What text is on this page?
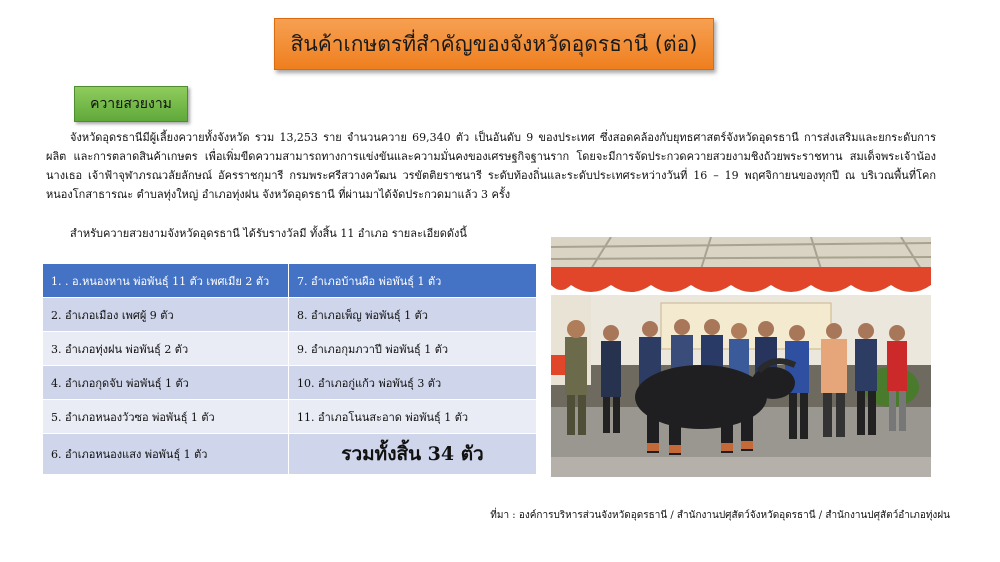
สินค้าเกษตรที่สำคัญของจังหวัดอุดรธานี (ต่อ)
ควายสวยงาม

จังหวัดอุดรธานีมีผู้เลี้ยงควายทั้งจังหวัด รวม 13,253 ราย จำนวนควาย 69,340 ตัว เป็นอันดับ 9 ของประเทศ ซึ่งสอดคล้องกับยุทธศาสตร์จังหวัดอุดรธานี การส่งเสริมและยกระดับการผลิต และการตลาดสินค้าเกษตร เพื่อเพิ่มขีดความสามารถทางการแข่งขันและความมั่นคงของเศรษฐกิจฐานราก โดยจะมีการจัดประกวดควายสวยงามชิงถ้วยพระราชทาน สมเด็จพระเจ้าน้องนางเธอ เจ้าฟ้าจุฬาภรณวลัยลักษณ์ อัครราชกุมารี กรมพระศรีสวางควัฒน วรขัตติยราชนารี ระดับท้องถิ่นและระดับประเทศระหว่างวันที่ 16 – 19 พฤศจิกายนของทุกปี ณ บริเวณพื้นที่โคกหนองโกสาธารณะ ตำบลทุ่งใหญ่ อำเภอทุ่งฝน จังหวัดอุดรธานี ที่ผ่านมาได้จัดประกวดมาแล้ว 3 ครั้ง

สำหรับควายสวยงามจังหวัดอุดรธานี ได้รับรางวัลมี ทั้งสิ้น 11 อำเภอ รายละเอียดดังนี้

1. . อ.หนองหาน พ่อพันธุ์ 11 ตัว เพศเมีย 2 ตัว	7. อำเภอบ้านผือ พ่อพันธุ์ 1 ตัว
2. อำเภอเมือง เพศผู้ 9 ตัว	8. อำเภอเพ็ญ พ่อพันธุ์ 1 ตัว
3. อำเภอทุ่งฝน พ่อพันธุ์ 2 ตัว	9. อำเภอกุมภวาปี พ่อพันธุ์ 1 ตัว
4. อำเภอกุดจับ พ่อพันธุ์ 1 ตัว	10. อำเภอกู่แก้ว พ่อพันธุ์ 3 ตัว
5. อำเภอหนองวัวซอ พ่อพันธุ์ 1 ตัว	11. อำเภอโนนสะอาด พ่อพันธุ์ 1 ตัว
6. อำเภอหนองแสง พ่อพันธุ์ 1 ตัว	รวมทั้งสิ้น 34 ตัว
ที่มา : องค์การบริหารส่วนจังหวัดอุดรธานี / สำนักงานปศุสัตว์จังหวัดอุดรธานี / สำนักงานปศุสัตว์อำเภอทุ่งฝน
